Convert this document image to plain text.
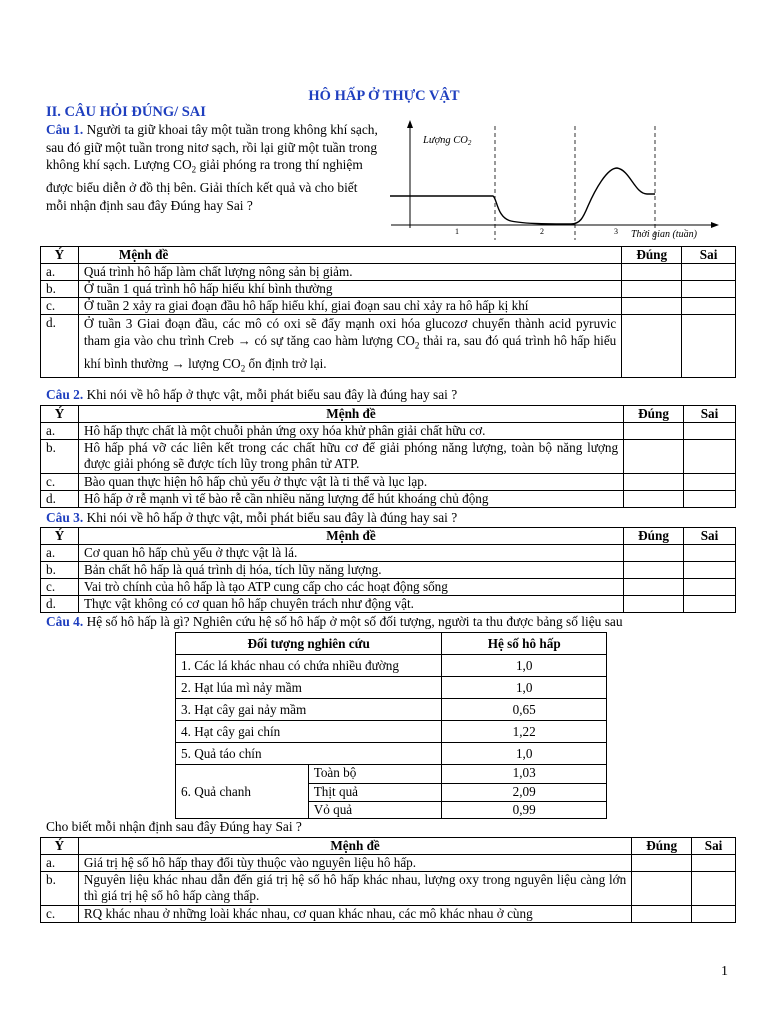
HÔ HẤP Ở THỰC VẬT
II. CÂU HỎI ĐÚNG/ SAI
Câu 1. Người ta giữ khoai tây một tuần trong không khí sạch, sau đó giữ một tuần trong nitơ sạch, rồi lại giữ một tuần trong không khí sạch. Lượng $CO_2$ giải phóng ra trong thí nghiệm được biểu diễn ở đồ thị bên. Giải thích kết quả và cho biết mỗi nhận định sau đây Đúng hay Sai ?
Lượng CO2
1	2	3 Thời gian (tuần)
Ý	Mệnh đề	Đúng	Sai
a.	Quá trình hô hấp làm chất lượng nông sản bị giảm.		
b.	Ở tuần 1 quá trình hô hấp hiếu khí bình thường		
c.	Ở tuần 2 xảy ra giai đoạn đầu hô hấp hiếu khí, giai đoạn sau chỉ xảy ra hô hấp kị khí		
d.	Ở tuần 3 Giai đoạn đầu, các mô có oxi sẽ đẩy mạnh oxi hóa glucozơ chuyển thành acid pyruvic tham gia vào chu trình Creb → có sự tăng cao hàm lượng $CO_2$ thải ra, sau đó quá trình hô hấp hiếu khí bình thường → lượng $CO_2$ ổn định trở lại.		
Câu 2. Khi nói về hô hấp ở thực vật, mỗi phát biểu sau đây là đúng hay sai ?
Ý	Mệnh đề	Đúng	Sai
a.	Hô hấp thực chất là một chuỗi phản ứng oxy hóa khử phân giải chất hữu cơ.		
b.	Hô hấp phá vỡ các liên kết trong các chất hữu cơ để giải phóng năng lượng, toàn bộ năng lượng được giải phóng sẽ được tích lũy trong phân tử ATP.		
c.	Bào quan thực hiện hô hấp chủ yếu ở thực vật là ti thể và lục lạp.		
d.	Hô hấp ở rễ mạnh vì tế bào rễ cần nhiều năng lượng để hút khoáng chủ động		
Câu 3. Khi nói về hô hấp ở thực vật, mỗi phát biểu sau đây là đúng hay sai ?
Ý	Mệnh đề	Đúng	Sai
a.	Cơ quan hô hấp chủ yếu ở thực vật là lá.		
b.	Bản chất hô hấp là quá trình dị hóa, tích lũy năng lượng.		
c.	Vai trò chính của hô hấp là tạo ATP cung cấp cho các hoạt động sống		
d.	Thực vật không có cơ quan hô hấp chuyên trách như động vật.		
Câu 4. Hệ số hô hấp là gì? Nghiên cứu hệ số hô hấp ở một số đối tượng, người ta thu được bảng số liệu sau
Đối tượng nghiên cứu		Hệ số hô hấp
1. Các lá khác nhau có chứa nhiều đường		1,0
2. Hạt lúa mì nảy mầm		1,0
3. Hạt cây gai nảy mầm		0,65
4. Hạt cây gai chín		1,22
5. Quả táo chín		1,0
6. Quả chanh	Toàn bộ	1,03
	Thịt quả	2,09
	Vỏ quả	0,99
Cho biết mỗi nhận định sau đây Đúng hay Sai ?
Ý	Mệnh đề	Đúng	Sai
a.	Giá trị hệ số hô hấp thay đổi tùy thuộc vào nguyên liệu hô hấp.		
b.	Nguyên liệu khác nhau dẫn đến giá trị hệ số hô hấp khác nhau, lượng oxy trong nguyên liệu càng lớn thì giá trị hệ số hô hấp càng thấp.		
c.	RQ khác nhau ở những loài khác nhau, cơ quan khác nhau, các mô khác nhau ở cùng		
1
